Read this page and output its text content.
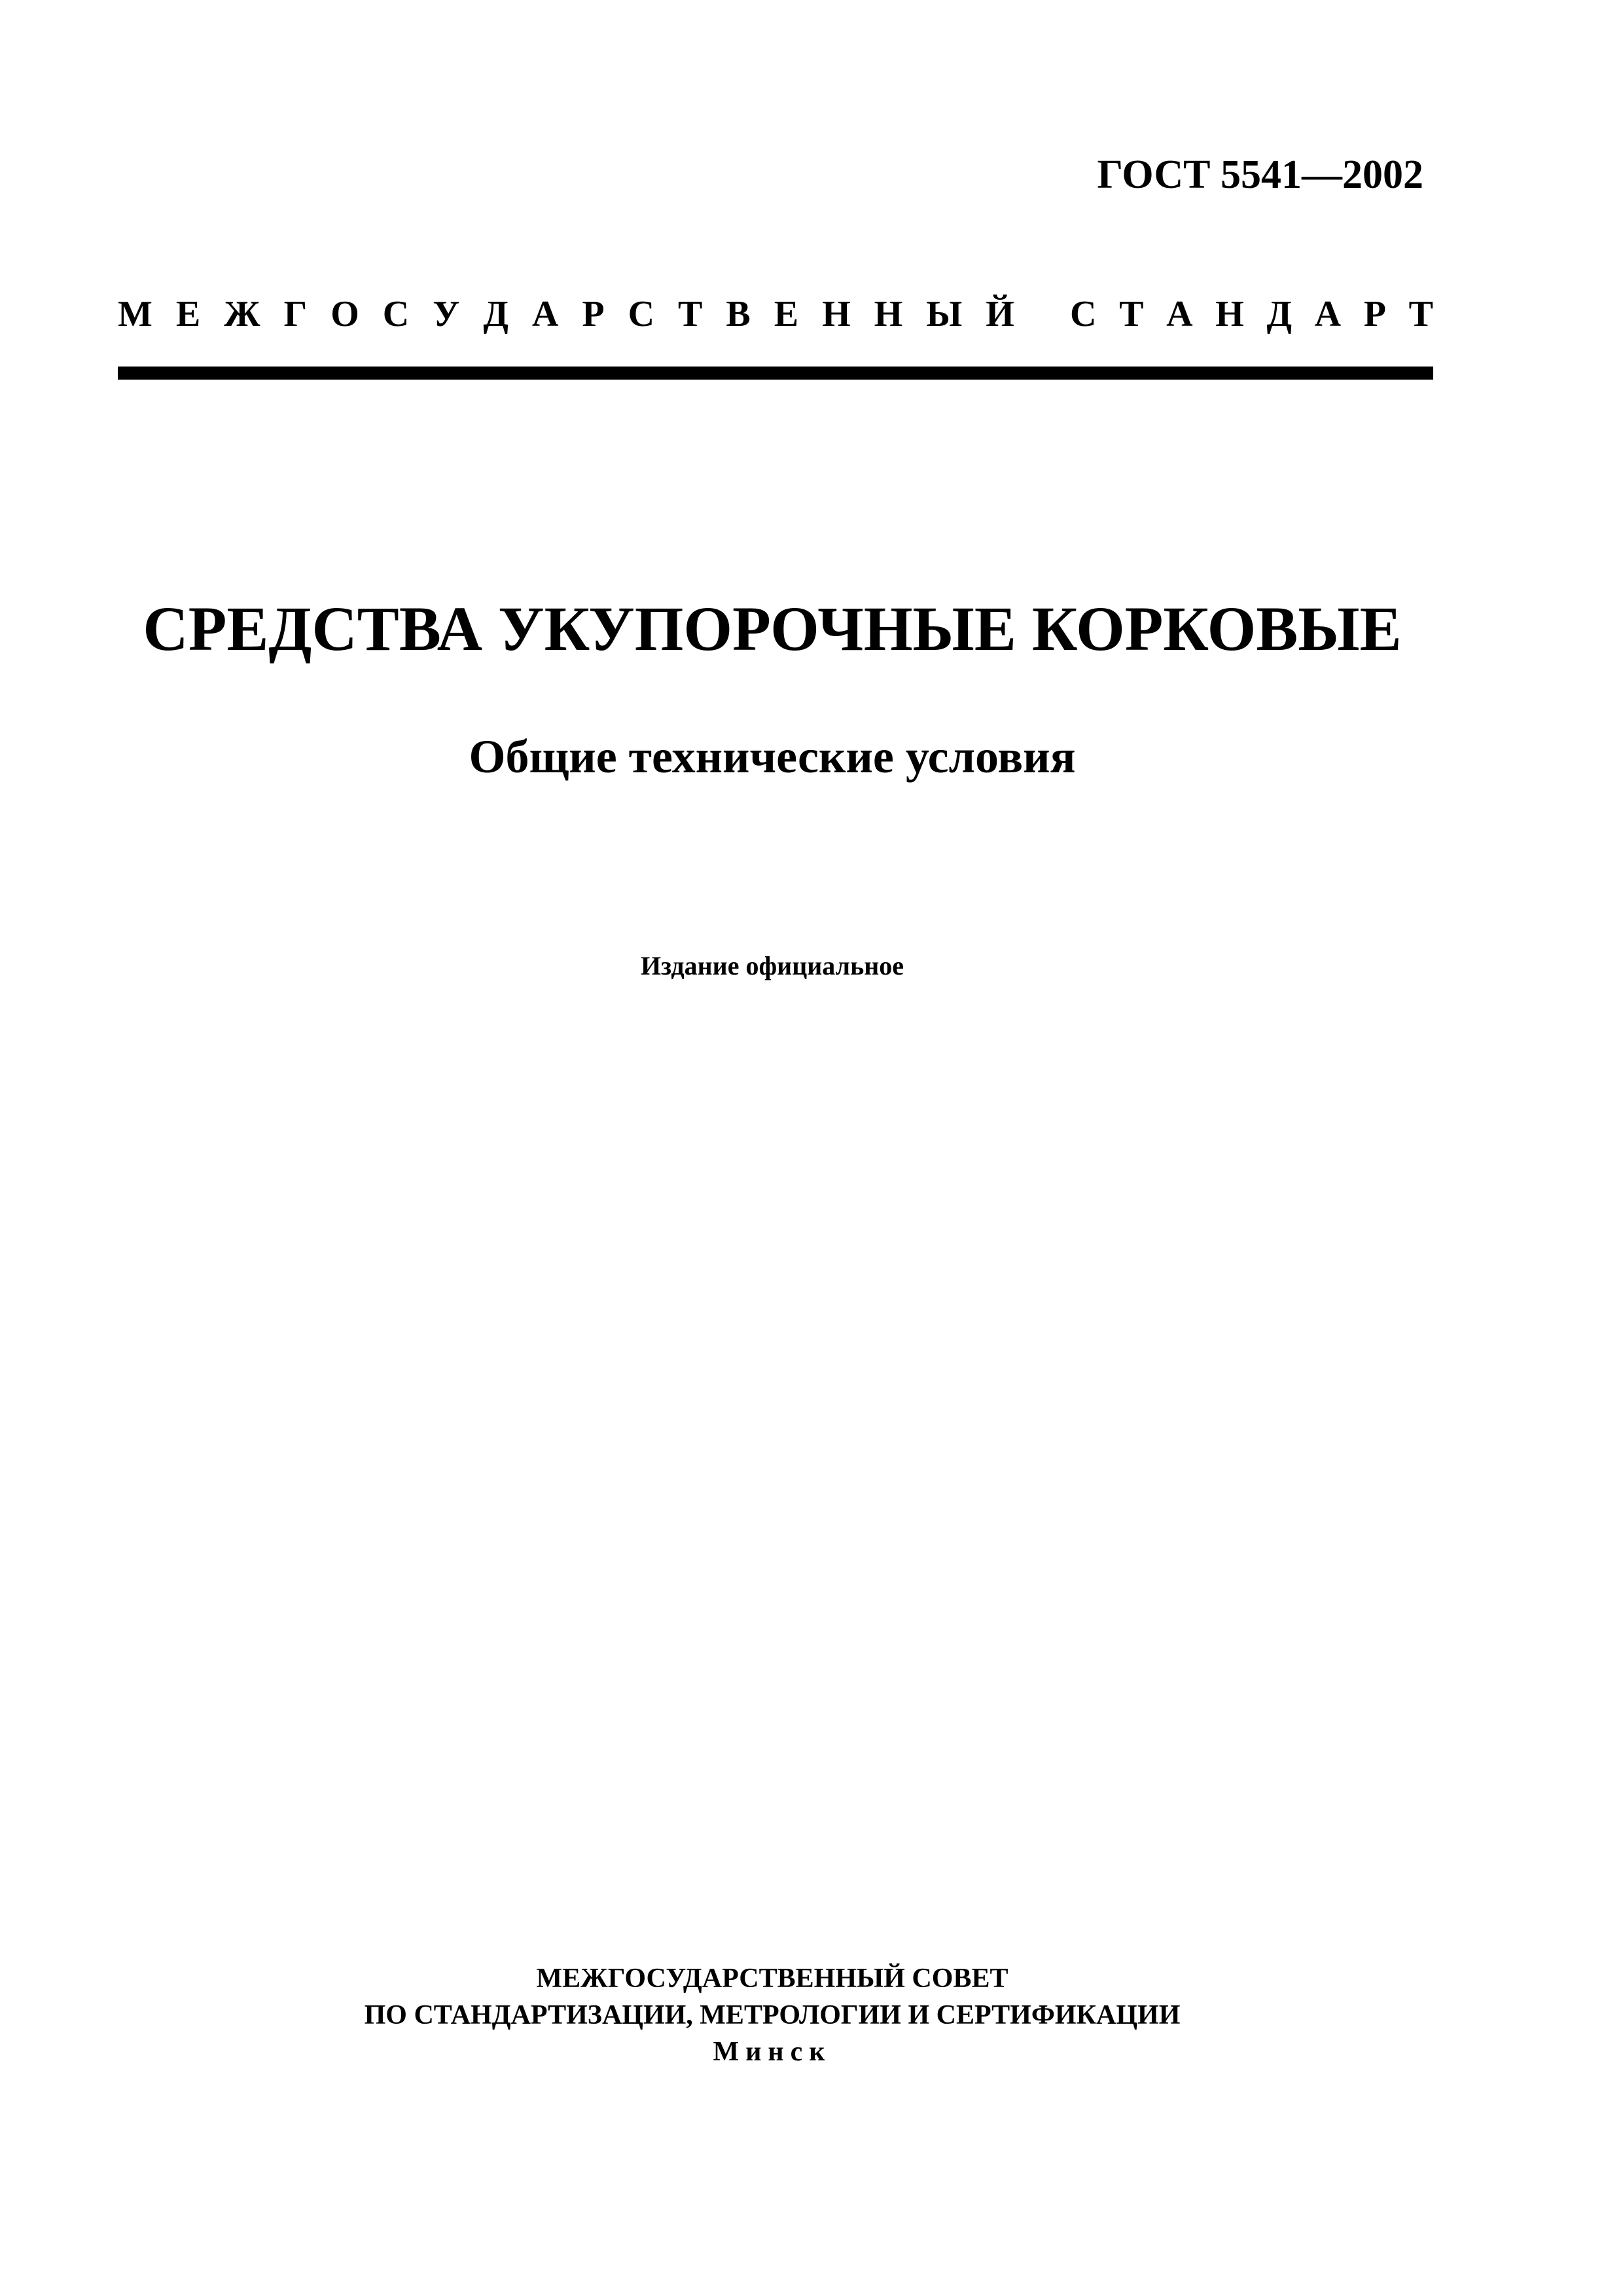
ГОСТ 5541—2002
М Е Ж Г О С У Д А Р С Т В Е Н Н Ы Й С Т А Н Д А Р Т
СРЕДСТВА УКУПОРОЧНЫЕ КОРКОВЫЕ
Общие технические условия
Издание официальное
МЕЖГОСУДАРСТВЕННЫЙ СОВЕТ
ПО СТАНДАРТИЗАЦИИ, МЕТРОЛОГИИ И СЕРТИФИКАЦИИ
Минск
